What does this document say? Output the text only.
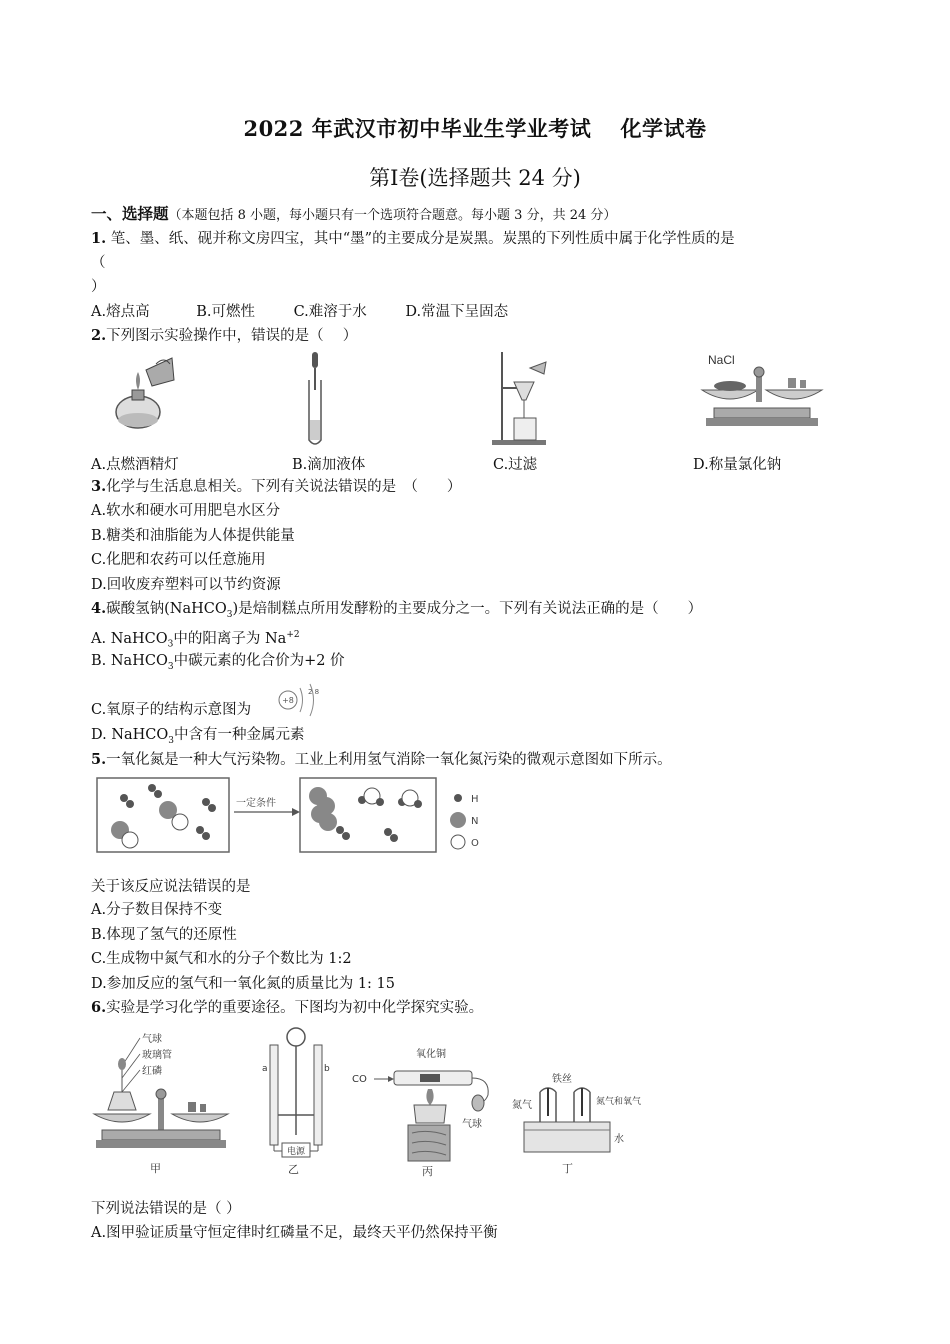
2022 年武汉市初中毕业生学业考试　 化学试卷
第Ⅰ卷(选择题共 24 分)
一、选择题（本题包括 8 小题，每小题只有一个选项符合题意。每小题 3 分，共 24 分）
1. 笔、墨、纸、砚并称文房四宝，其中“墨”的主要成分是炭黑。炭黑的下列性质中属于化学性质的是
（
）
A.熔点高	B.可燃性	C.难溶于水	D.常温下呈固态
2.下列图示实验操作中，错误的是（　 ）
NaCl
A.点燃酒精灯	B.滴加液体	C.过滤	D.称量氯化钠
3.化学与生活息息相关。下列有关说法错误的是　（　　）
A.软水和硬水可用肥皂水区分
B.糖类和油脂能为人体提供能量
C.化肥和农药可以任意施用
D.回收废弃塑料可以节约资源
4.碳酸氢钠(NaHCO$_3$)是焙制糕点所用发酵粉的主要成分之一。下列有关说法正确的是（　　）
A. NaHCO$_3$中的阳离子为 $Na^{+2}$
B. NaHCO$_3$中碳元素的化合价为+2 价
C.氧原子的结构示意图为
+8
2 8
D. NaHCO$_3$中含有一种金属元素
5.一氧化氮是一种大气污染物。工业上利用氢气消除一氧化氮污染的微观示意图如下所示。
一定条件	H
N
O
关于该反应说法错误的是
A.分子数目保持不变
B.体现了氢气的还原性
C.生成物中氮气和水的分子个数比为 1:2
D.参加反应的氢气和一氧化氮的质量比为 1: 15
6.实验是学习化学的重要途径。下图均为初中化学探究实验。
气球
玻璃管
红磷
甲
a	b
电源
乙
CO
氧化铜
气球
丙
铁丝
氮气	氮气和氧气
水
丁
下列说法错误的是（ ）
A.图甲验证质量守恒定律时红磷量不足，最终天平仍然保持平衡
